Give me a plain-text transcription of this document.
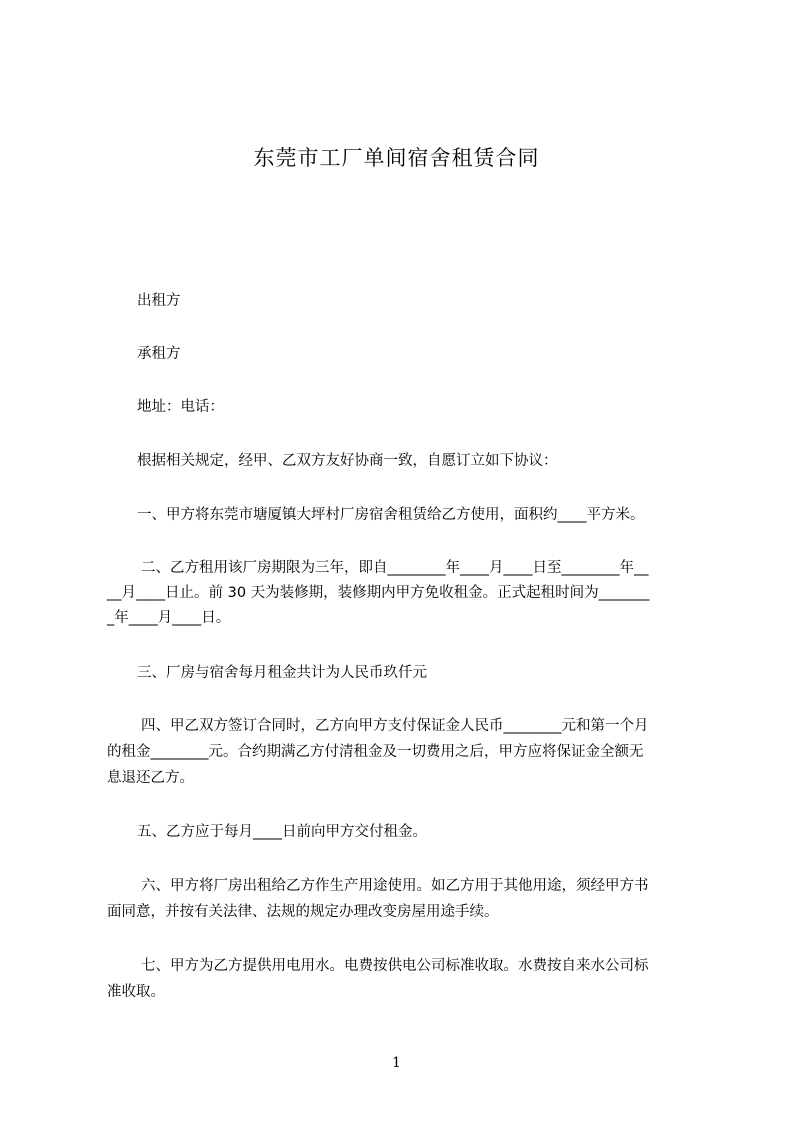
东莞市工厂单间宿舍租赁合同
出租方
承租方
地址：电话：
根据相关规定，经甲、乙双方友好协商一致，自愿订立如下协议：
一、甲方将东莞市塘厦镇大坪村厂房宿舍租赁给乙方使用，面积约____平方米。
二、乙方租用该厂房期限为三年，即自________年____月____日至________年__
__月____日止。前 30 天为装修期，装修期内甲方免收租金。正式起租时间为_______
_年____月____日。
三、厂房与宿舍每月租金共计为人民币玖仟元
四、甲乙双方签订合同时，乙方向甲方支付保证金人民币________元和第一个月
的租金________元。合约期满乙方付清租金及一切费用之后，甲方应将保证金全额无
息退还乙方。
五、乙方应于每月____日前向甲方交付租金。
六、甲方将厂房出租给乙方作生产用途使用。如乙方用于其他用途，须经甲方书
面同意，并按有关法律、法规的规定办理改变房屋用途手续。
七、甲方为乙方提供用电用水。电费按供电公司标准收取。水费按自来水公司标
准收取。
1
